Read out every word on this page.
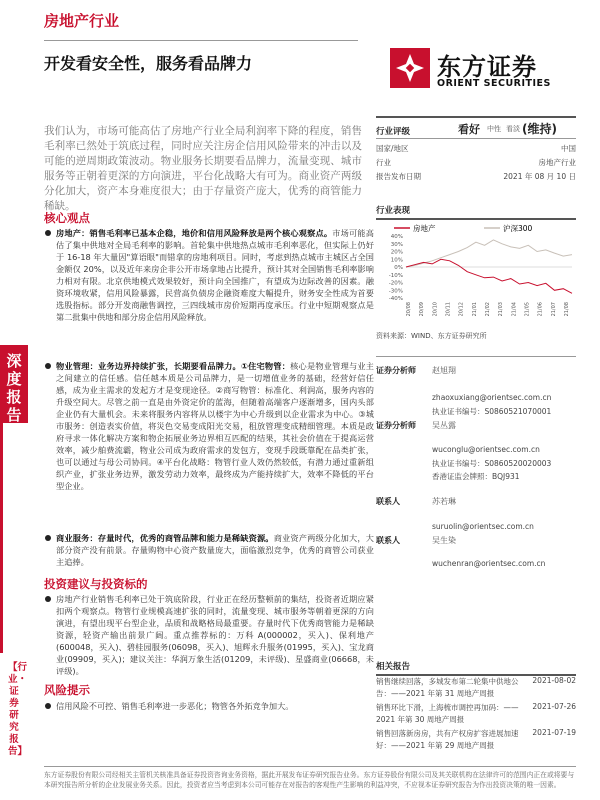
房地产行业
开发看安全性，服务看品牌力	东方证券
ORIENT SECURITIES
深度报告
【行业・证券研究报告】
我们认为，市场可能高估了房地产行业全局利润率下降的程度，销售毛利率已然处于筑底过程，同时应关注房企信用风险带来的冲击以及可能的逆周期政策波动。物业服务长期要看品牌力，流量变现、城市服务等正朝着更深的方向演进，平台化战略大有可为。商业资产两级分化加大，资产本身难度很大；由于存量资产庞大，优秀的商管能力稀缺。
核心观点
房地产：销售毛利率已基本企稳，地价和信用风险释放是两个核心观察点。市场可能高估了集中供地对全局毛利率的影响。首轮集中供地热点城市毛利率恶化，但实际上仍好于 16-18 年大量因"算语眼"而错拿的房地利项目。同时，考虑到热点城市主城区占全国金额仅 20%，以及近年来房企非公开市场拿地占比提升，预计其对全国销售毛利率影响力相对有限。北京供地模式效果较好，预计向全国推广，有望成为边际改善的因素。融资环境收紧，信用风险暴露，民营高负债房企融资难度大幅提升，财务安全性成为首要选股指标。部分开发商融售调控，三四线城市房价短期再度承压。行业中短期观察点是第二批集中供地和部分房企信用风险释放。
物业管理：业务边界持续扩张，长期要看品牌力。①住宅物管：核心是物业管理与业主之间建立的信任感。信任越本质是公司品牌力，是一切增值业务的基础，经营好信任感，成为业主需求的发起方才是变现途径。②商写物管：标准化、利润高，服务内容的升级空间大。尽管之前一直是由外资定价的蓝海，但随着高端客户逐渐增多，国内头部企业仍有大量机会。未来将服务内容将从以楼宇为中心升级到以企业需求为中心。③城市服务：创造表实价值，将災色交易变成阳光交易，租放管理变成精细管理。本质是政府寻求一体化解决方案和物企拓展业务边界相互匹配的结果，其社会价值在于提高运营效率，减少舶费流霸，物业公司成为政府需求的发包方，变现手段既靠配在品类扩张，也可以通过与母公司协同。④平台化战略：物管行业人效仍然较低，有潜力通过重新组织产业，扩张业务边界，激发劳动力效率，最终成为产能持续扩大，效率不降低的平台型企业。
商业服务：存量时代，优秀的商管品牌和能力是稀缺资源。商业资产两级分化加大，大部分资产没有前景。存量购物中心资产数量庞大，面临激烈竞争，优秀的商管公司获业主追捧。
投资建议与投资标的
房地产行业销售毛利率已处于筑底阶段，行业正在经历整顿前的集结，投资者近期应紧扣两个观察点。物管行业规模高速扩张的同时，流量变现、城市服务等朝着更深的方向演进，有望出现平台型企业，品质和战略格局最重要。存量时代下优秀商管能力是稀缺资源，轻资产输出前景广阔。重点推荐标的：万科 A(000002，买入)、保利地产(600048，买入)、碧桂园服务(06098，买入)、旭辉永升服务(01995，买入)、宝龙商业(09909，买入)；建议关注：华润万象生活(01209，未评级)、星盛商业(06668，未评级)。
风险提示
信用风险不可控、销售毛利率进一步恶化；物管各外拓竞争加大。
行业评级	看好 中性 看淡 (维持)
国家/地区	中国
行业	房地产行业
报告发布日期	2021 年 08 月 10 日
行业表现
房地产	沪深300
40%
30%
20%
10%
0%
-10%
-20%
-30%
-40%
20/08 20/09 20/10 20/11 20/12 21/01 21/02 21/03 21/04 21/05 21/06 21/07 21/08
资料来源：WIND、东方证券研究所
证券分析师 赵旭翔
zhaoxuxiang@orientsec.com.cn
执业证书编号：S0860521070001
证券分析师 吴丛露
wuconglu@orientsec.com.cn
执业证书编号：S0860520020003
香港证监会牌照：BQJ931
联系人	苏若琳
suruolin@orientsec.com.cn
联系人	吴生染
wuchenran@orientsec.com.cn
相关报告
销售继续回落，多城发布第二轮集中供地公告：——2021 年第 31 周地产周报
2021-08-02
销售环比下滑，上海梳市调控再加码：——2021 年第 30 周地产周报
2021-07-26
销售回落新房房，共有产权房扩容进展加速 好：——2021 年第 29 周地产周报
2021-07-19
东方证券股份有限公司经相关主管机关核准具备证券投资咨询业务资格，据此开展发布证券研究报告业务。东方证券股份有限公司及其关联机构在法律许可的范围内正在或将要与本研究报告所分析的企业发展业务关系。因此，投资者应当考虑到本公司可能存在对报告的客观性产生影响的利益冲突，不应视本证券研究报告为作出投资决策的唯一因素。
